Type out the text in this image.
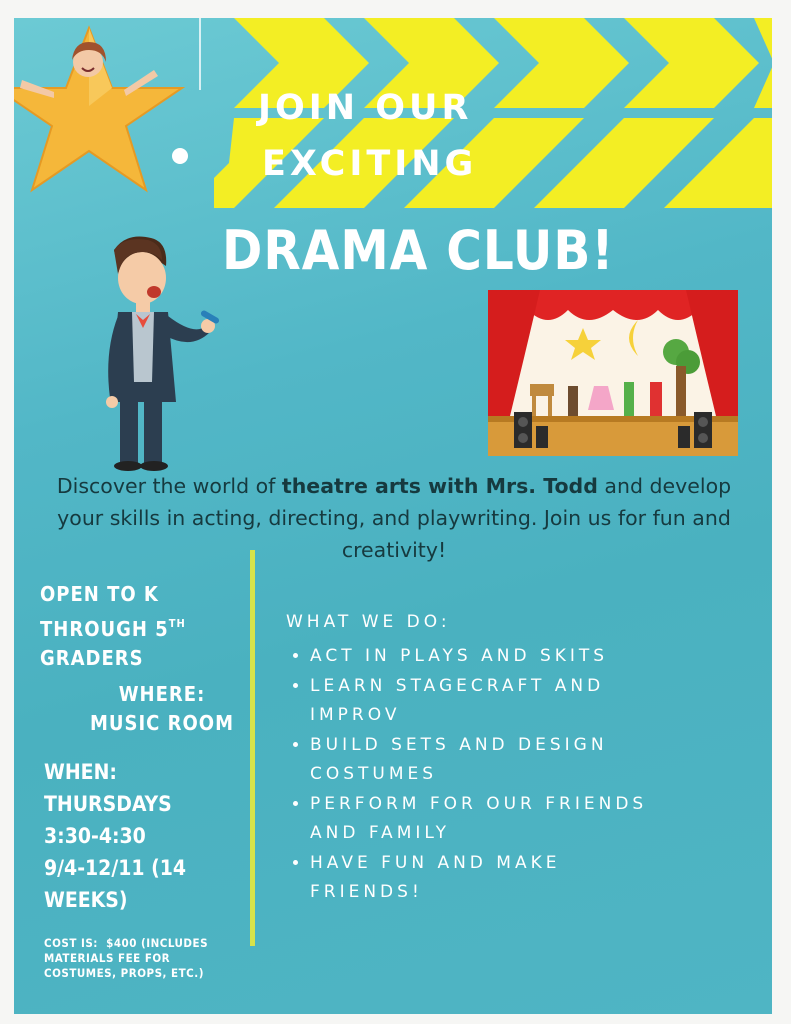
JOIN OUR
EXCITING
DRAMA CLUB!
Discover the world of theatre arts with Mrs. Todd and develop your skills in acting, directing, and playwriting. Join us for fun and creativity!
OPEN TO K
THROUGH 5TH
GRADERS
WHERE:
MUSIC ROOM
WHEN:
THURSDAYS
3:30-4:30
9/4-12/11 (14
WEEKS)
COST IS:  $400 (INCLUDES
MATERIALS FEE FOR
COSTUMES, PROPS, ETC.)
WHAT WE DO:
• ACT IN PLAYS AND SKITS
• LEARN STAGECRAFT AND IMPROV
• BUILD SETS AND DESIGN COSTUMES
• PERFORM FOR OUR FRIENDS AND FAMILY
• HAVE FUN AND MAKE FRIENDS!
